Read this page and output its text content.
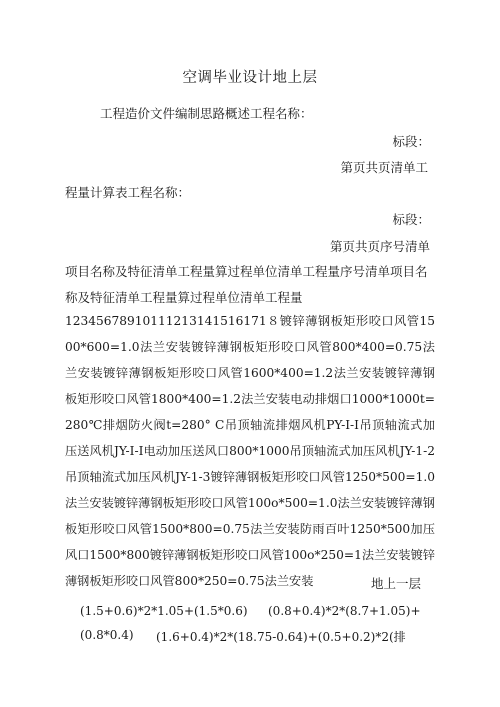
空调毕业设计地上层
工程造价文件编制思路概述工程名称：
标段：
第页共页清单工
程量计算表工程名称：
标段：
第页共页序号清单
项目名称及特征清单工程量算过程单位清单工程量序号清单项目名
称及特征清单工程量算过程单位清单工程量
12345678910111213141516171８镀锌薄钢板矩形咬口风管1500*600=1.0法兰安装镀锌薄钢板矩形咬口风管800*400=0.75法兰安装镀锌薄钢板矩形咬口风管1600*400=1.2法兰安装镀锌薄钢板矩形咬口风管1800*400=1.2法兰安装电动排烟口1000*1000t=280℃排烟防火阀t=280° C吊顶轴流排烟风机PY-I-I吊顶轴流式加压送风机JY-I-I电动加压送风口800*1000吊顶轴流式加压风机JY-1-2吊顶轴流式加压风机JY-1-3镀锌薄钢板矩形咬口风管1250*500=1.0法兰安装镀锌薄钢板矩形咬口风管100o*500=1.0法兰安装镀锌薄钢板矩形咬口风管1500*800=0.75法兰安装防雨百叶1250*500加压风口1500*800镀锌薄钢板矩形咬口风管100o*250=1法兰安装镀锌薄钢板矩形咬口风管800*250=0.75法兰安装	地上一层
(1.5+0.6)*2*1.05+(1.5*0.6) (0.8+0.4)*2*(8.7+1.05)+
(0.8*0.4) (1.6+0.4)*2*(18.75-0.64)+(0.5+0.2)*2(排
